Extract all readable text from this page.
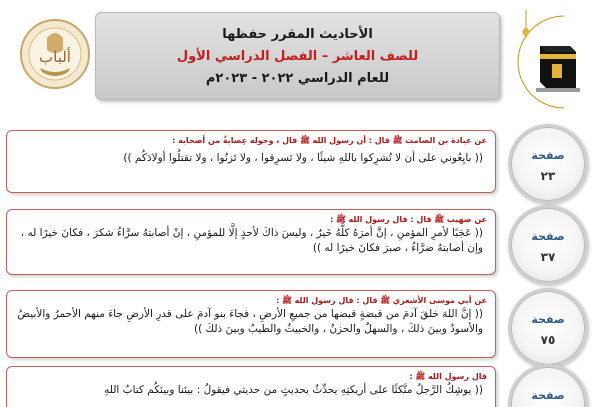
ألباب
الأحاديث المقرر حفظها
للصف العاشر – الفصل الدراسي الأول
للعام الدراسي ٢٠٢٢ - ٢٠٢٣م
عن عبادة بن الصامت ﷺ قال : أن رسول الله ﷺ قال ، وحوله عِصابةٌ من أصحابه :
(( بايِعُوني على أن لا تُشرِكوا باللهِ شيئًا ، ولا تَسرِقوا ، ولا تَزنُوا ، ولا تقتلُوا أولادَكُم ))	صفحة
٢٣
عن صهيب ﷺ قال : قال رسول الله ﷺ :
(( عَجَبًا لأمرِ المؤمنِ ، إنَّ أمرَهُ كلَّهُ خَيرٌ ، وليسَ ذاكَ لأحدٍ إلَّا للمؤمنِ ، إنْ أصابتهُ سرَّاءُ شكرَ ، فكانَ خيرًا له ، وإن أصابتهُ ضرَّاءُ ، صبرَ فكانَ خيرًا له ))
صفحة
٣٧
عن أبي موسى الأشعري ﷺ قال : قال رسول الله ﷺ :
(( إنَّ اللهَ خلقَ آدمَ من قبضةٍ قبضها من جميعِ الأرضِ ، فجاءَ بنو آدمَ على قدرِ الأرضِ جاءَ منهم الأحمرُ والأبيضُ والأسودُ وبينَ ذلكَ ، والسهلُ والحزنُ ، والخبيثُ والطيبُ وبينَ ذلكَ ))
صفحة
٧٥
قال رسول الله ﷺ :
(( يوشِكُ الرَّجلُ متَّكئًا على أريكتِهِ يحدِّثُ بحديثٍ من حديثي فيقولُ : بينَنا وبينَكُم كتابُ اللهِ	صفحة
